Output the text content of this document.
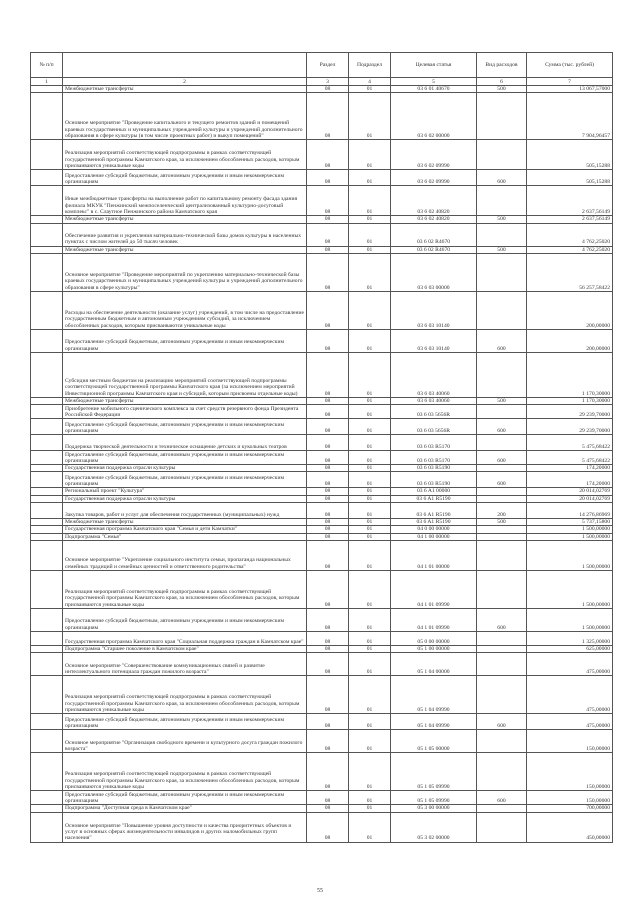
№ п/п		Раздел	Подраздел	Целевая статья	Вид расходов	Сумма (тыс. рублей)
1	2	3	4	5	6	7
	Межбюджетные трансферты	08	01	03 6 01 40670	500	13 067,57000
	Основное мероприятие "Проведение капитального и текущего ремонтов зданий и помещений краевых государственных и муниципальных учреждений культуры и учреждений дополнительного образования в сфере культуры (в том числе проектных работ) и выкуп помещений"	08	01	03 6 02 00000		7 904,96457
	Реализация мероприятий соответствующей подпрограммы в рамках соответствующей государственной программы Камчатского края, за исключением обособленных расходов, которым присваиваются уникальные коды	08	01	03 6 02 09990		505,15288
	Предоставление субсидий бюджетным, автономным учреждениям и иным некоммерческим организациям	08	01	03 6 02 09990	600	505,15288
	Иные межбюджетные трансферты на выполнение работ по капитальному ремонту фасада здания филиала МКУК "Пенжинский межпоселенческий централизованный культурно-досуговый комплекс" в с. Слаутное Пенжинского района Камчатского края	08	01	03 6 02 40820		2 637,56149
	Межбюджетные трансферты	08	01	03 6 02 40820	500	2 637,56149
	Обеспечение развития и укрепления материально-технической базы домов культуры в населенных пунктах с числом жителей до 50 тысяч человек	08	01	03 6 02 R4670		4 762,25020
	Межбюджетные трансферты	08	01	03 6 02 R4670	500	4 762,25020
	Основное мероприятие "Проведение мероприятий по укреплению материально-технической базы краевых государственных и муниципальных учреждений культуры и учреждений дополнительного образования в сфере культуры"	08	01	03 6 03 00000		56 257,58422
	Расходы на обеспечение деятельности (оказание услуг) учреждений, в том числе на предоставление государственным бюджетным и автономным учреждениям субсидий, за исключением обособленных расходов, которым присваиваются уникальные коды	08	01	03 6 03 10140		200,00000
	Предоставление субсидий бюджетным, автономным учреждениям и иным некоммерческим организациям	08	01	03 6 03 10140	600	200,00000
	Субсидия местным бюджетам на реализацию мероприятий соответствующей подпрограммы соответствующей государственной программы Камчатского края (за исключением мероприятий Инвестиционной программы Камчатского края и субсидий, которым присвоены отдельные коды)	08	01	03 6 03 40060		1 170,30000
	Межбюджетные трансферты	08	01	03 6 03 40060	500	1 170,30000
	Приобретение мобильного сценического комплекса за счет средств резервного фонда Президента Российской Федерации	08	01	03 6 03 5656R		29 239,70000
	Предоставление субсидий бюджетным, автономным учреждениям и иным некоммерческим организациям	08	01	03 6 03 5656R	600	29 239,70000
	Поддержка творческой деятельности и техническое оснащение детских и кукольных театров	08	01	03 6 03 R5170		5 475,68422
	Предоставление субсидий бюджетным, автономным учреждениям и иным некоммерческим организациям	08	01	03 6 03 R5170	600	5 475,68422
	Государственная поддержка отрасли культуры	08	01	03 6 03 R5190		174,20000
	Предоставление субсидий бюджетным, автономным учреждениям и иным некоммерческим организациям	08	01	03 6 03 R5190	600	174,20000
	Региональный проект "Культура"	08	01	03 6 A1 00000		20 014,02769
	Государственная поддержка отрасли культуры	08	01	03 6 A1 R5190		20 014,02769
	Закупка товаров, работ и услуг для обеспечения государственных (муниципальных) нужд	08	01	03 6 A1 R5190	200	14 276,86969
	Межбюджетные трансферты	08	01	03 6 A1 R5190	500	5 737,15800
	Государственная программа Камчатского края "Семья и дети Камчатки"	08	01	04 0 00 00000		1 500,00000
	Подпрограмма "Семья"	08	01	04 1 00 00000		1 500,00000
	Основное мероприятие "Укрепление социального института семьи, пропаганда национальных семейных традиций и семейных ценностей и ответственного родительства"	08	01	04 1 01 00000		1 500,00000
	Реализация мероприятий соответствующей подпрограммы в рамках соответствующей государственной программы Камчатского края, за исключением обособленных расходов, которым присваиваются уникальные коды	08	01	04 1 01 09990		1 500,00000
	Предоставление субсидий бюджетным, автономным учреждениям и иным некоммерческим организациям	08	01	04 1 01 09990	600	1 500,00000
	Государственная программа Камчатского края "Социальная поддержка граждан в Камчатском крае"	08	01	05 0 00 00000		1 325,00000
	Подпрограмма "Старшее поколение в Камчатском крае"	08	01	05 1 00 00000		625,00000
	Основное мероприятие "Совершенствование коммуникационных связей и развитие интеллектуального потенциала граждан пожилого возраста"	08	01	05 1 04 00000		475,00000
	Реализация мероприятий соответствующей подпрограммы в рамках соответствующей государственной программы Камчатского края, за исключением обособленных расходов, которым присваиваются уникальные коды	08	01	05 1 04 09990		475,00000
	Предоставление субсидий бюджетным, автономным учреждениям и иным некоммерческим организациям	08	01	05 1 04 09990	600	475,00000
	Основное мероприятие "Организация свободного времени и культурного досуга граждан пожилого возраста"	08	01	05 1 05 00000		150,00000
	Реализация мероприятий соответствующей подпрограммы в рамках соответствующей государственной программы Камчатского края, за исключением обособленных расходов, которым присваиваются уникальные коды	08	01	05 1 05 09990		150,00000
	Предоставление субсидий бюджетным, автономным учреждениям и иным некоммерческим организациям	08	01	05 1 05 09990	600	150,00000
	Подпрограмма "Доступная среда в Камчатском крае"	08	01	05 3 00 00000		700,00000
	Основное мероприятие "Повышение уровня доступности и качества приоритетных объектов и услуг в основных сферах жизнедеятельности инвалидов и других маломобильных групп населения"	08	01	05 3 02 00000		450,00000
55
